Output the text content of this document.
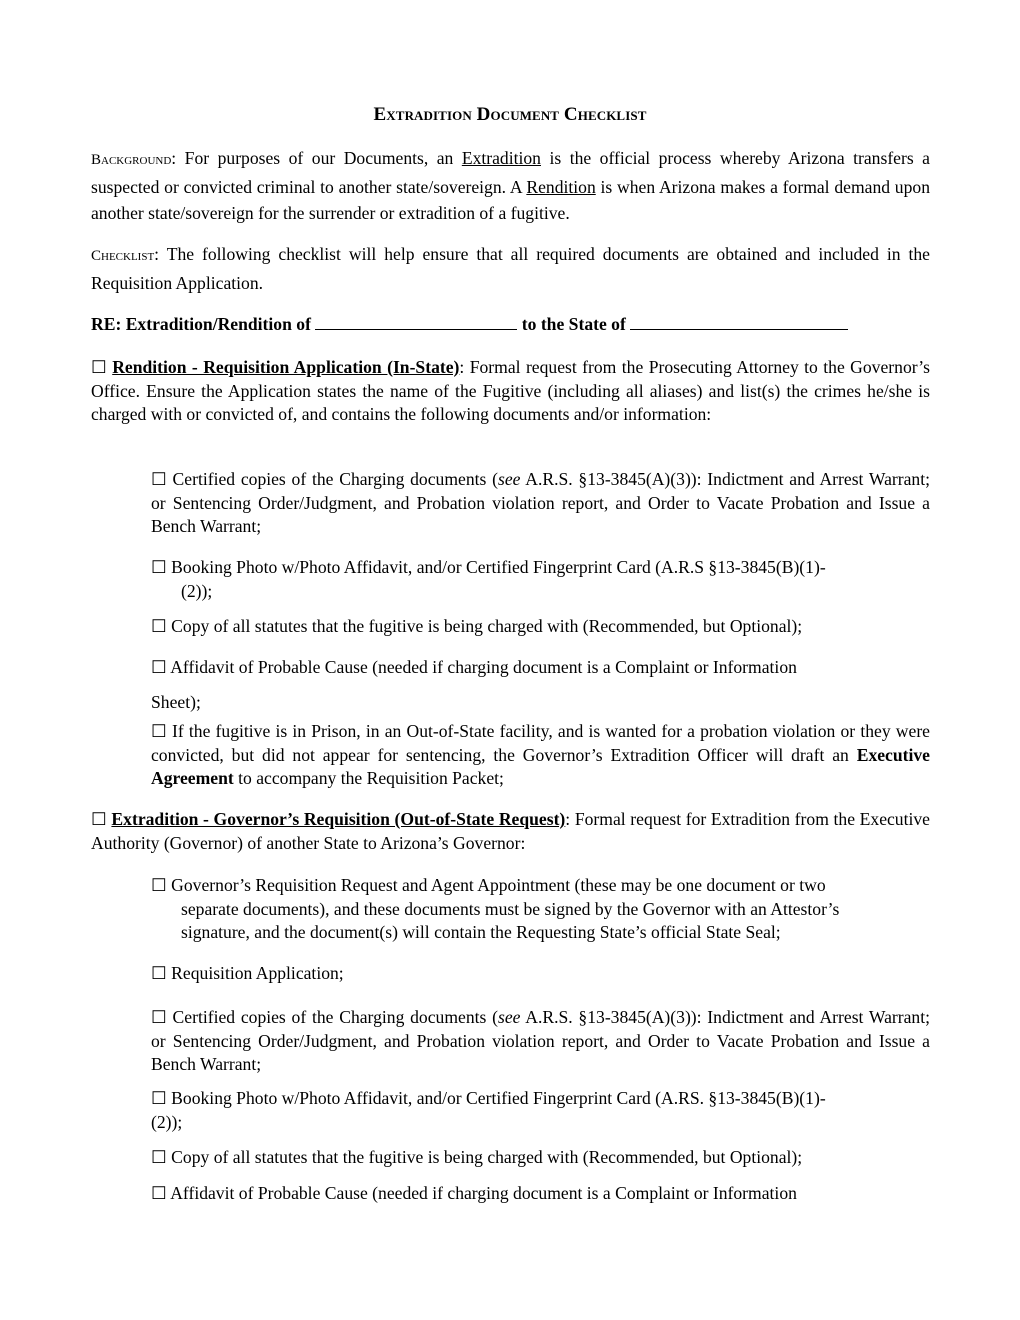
Extradition Document Checklist
Background: For purposes of our Documents, an Extradition is the official process whereby Arizona transfers a suspected or convicted criminal to another state/sovereign. A Rendition is when Arizona makes a formal demand upon another state/sovereign for the surrender or extradition of a fugitive.
Checklist: The following checklist will help ensure that all required documents are obtained and included in the Requisition Application.
RE: Extradition/Rendition of	to the State of
☐ Rendition - Requisition Application (In-State): Formal request from the Prosecuting Attorney to the Governor’s Office. Ensure the Application states the name of the Fugitive (including all aliases) and list(s) the crimes he/she is charged with or convicted of, and contains the following documents and/or information:
☐ Certified copies of the Charging documents (see A.R.S. §13-3845(A)(3)): Indictment and Arrest Warrant; or Sentencing Order/Judgment, and Probation violation report, and Order to Vacate Probation and Issue a Bench Warrant;
☐ Booking Photo w/Photo Affidavit, and/or Certified Fingerprint Card (A.R.S §13-3845(B)(1)-
(2));
☐ Copy of all statutes that the fugitive is being charged with (Recommended, but Optional);
☐ Affidavit of Probable Cause (needed if charging document is a Complaint or Information
Sheet);
☐ If the fugitive is in Prison, in an Out-of-State facility, and is wanted for a probation violation or they were convicted, but did not appear for sentencing, the Governor’s Extradition Officer will draft an Executive Agreement to accompany the Requisition Packet;
☐ Extradition - Governor’s Requisition (Out-of-State Request): Formal request for Extradition from the Executive Authority (Governor) of another State to Arizona’s Governor:
☐ Governor’s Requisition Request and Agent Appointment (these may be one document or two
separate documents), and these documents must be signed by the Governor with an Attestor’s
signature, and the document(s) will contain the Requesting State’s official State Seal;
☐ Requisition Application;
☐ Certified copies of the Charging documents (see A.R.S. §13-3845(A)(3)): Indictment and Arrest Warrant; or Sentencing Order/Judgment, and Probation violation report, and Order to Vacate Probation and Issue a Bench Warrant;
☐ Booking Photo w/Photo Affidavit, and/or Certified Fingerprint Card (A.RS. §13-3845(B)(1)-
(2));
☐ Copy of all statutes that the fugitive is being charged with (Recommended, but Optional);
☐ Affidavit of Probable Cause (needed if charging document is a Complaint or Information
